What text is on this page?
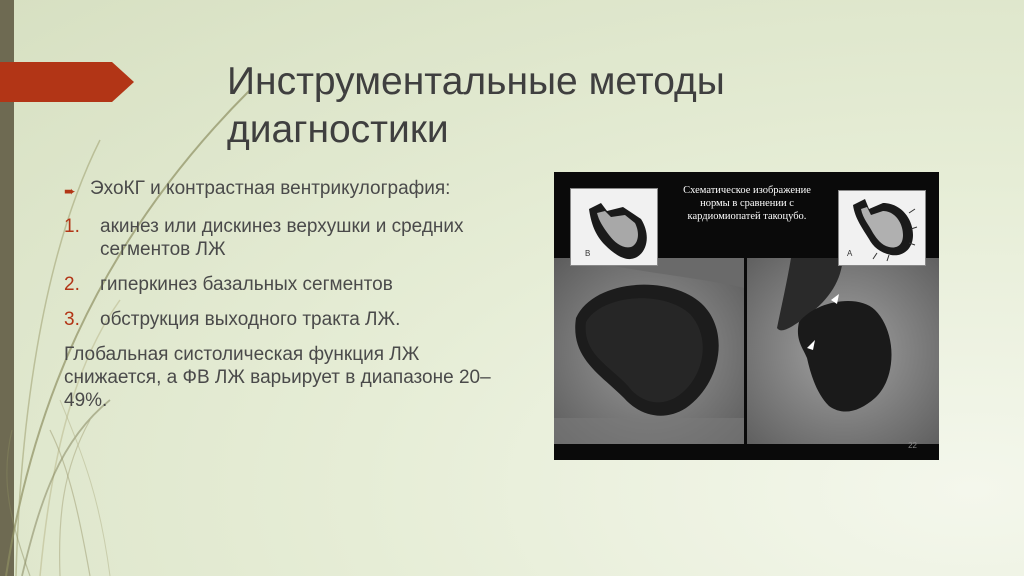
Инструментальные методы диагностики
➨ ЭхоКГ и контрастная вентрикулография:
1.	акинез или дискинез верхушки и средних сегментов ЛЖ
2.	гиперкинез базальных сегментов
3.	обструкция выходного тракта ЛЖ.
Глобальная систолическая функция ЛЖ снижается, а ФВ ЛЖ варьирует в диапазоне 20–49%.
B	A

Схематическое изображение нормы в сравнении с кардиомиопатей такоцубо.

22
